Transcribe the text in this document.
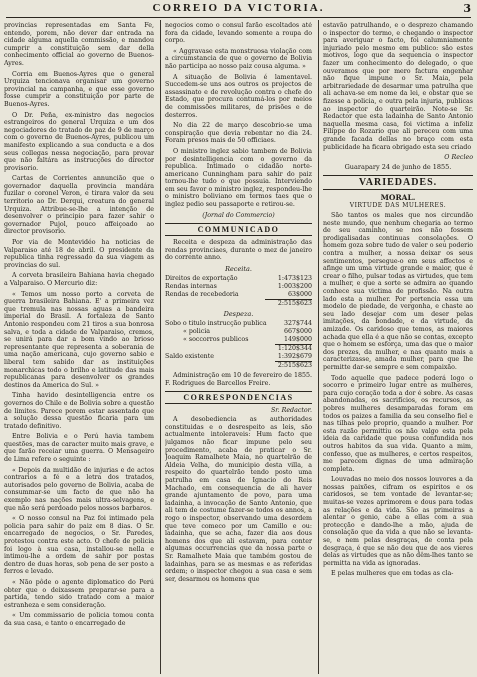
CORREIO DA VICTORIA.	3

provincias representadas em Santa Fe, entendo, porem, não dever dar entrada na cidade alguma aquella commissão, e mandou cumprir a constituição sem dar della conhecimento official ao governo de Buenos-Ayres.

Corria em Buenos-Ayres que o general Urquiza tencionava organisar um governo provincial na campanha, e que esse governo fosse cumprir a constituição por parte de Buenos-Ayres.

O Dr. Peña, ex-ministro das negocios estrangeiros do general Urquiza e um dos negociadores do tratado de paz de 9 de março com o governo de Buenos-Ayres, publicou um manifesto explicando a sua conducta e a dos seus collegas nessa negociação, para provar que não faltára as instrucções do director provisorio.

Cartas de Corrientes annuncião que o governador daquella provincia mandára fuzilar o coronel Veron, e tirara valor da seu territorio ao Dr. Derqui, creatura do general Urquiza. Attribue-se-lhe a intenção de desenvolver o principio para fazer sahir o governador Pujol, pouco affeiçoado ao director provisorio.

Por via de Montevidéo ha noticias de Valparaiso até 18 de abril. O presidente da republica tinha regressado da sua viagem as provincias do sul.

A corveta brasileira Bahiana havia chegado a Valparaiso. O Mercurio diz:

« Temos um nosso porto a corveta de guerra brasileira Bahiana. E' a primeira vez que tremula nas nossas aguas a bandeira imperial do Brasil. A fortaleza de Santo Antonio respondeu com 21 tiros a sua bonrosa salva, e toda a cidade de Valparaiso, cremos, se unirá para dar a bom vindo ao brioso representante que representa a soberania de uma nação americana, cujo governo sabio e liberal tem sabido dar as instituições monarchicas todo o brilho e latitude das mais republicanas para desenvolver os grandes destinos da America do Sul. »

Tinha havido desintelligencia entre os governos do Chile e de Bolivia sobre a questão de limites. Parece porem estar assentado que a solução dessa questão ficaria para um tratado definitivo.

Entre Bolivia e o Perú havia tambem questões, mas de caracter muito mais grave, e que farão receiar uma guerra. O Mensageiro de Lima refere o seguinte :

« Depois da multidão de injurias e de actos contrarios a fé e a letra dos tratados, autorisados pelo governo de Bolivia, acaba de consummar-se um facto de que não ha exemplo nas nações mais ultra-selvagens, e que não será perdoado pelos nossos barbaros.

« O nosso consul na Paz foi intimado pela policia para sahir do paiz em 8 dias. O Sr. encarregado de negocios, o Sr. Paredes, protestou contra este acto. O chefe de policia foi logo à sua casa, installou-se nella e intimou-lhe a ordem de sahir por postas dentro de duas horas, sob pena de ser posto a ferros e levado.

« Não pôde o agente diplomatico do Perú obter que o deixassem preparar-se para a partida, tendo sido tratado com a maior estranheza e sem consideração.

« Um commissario de policia tomou conta da sua casa, e tanto o encarregado de

negocios como o consul farão escoltados até fora da cidade, levando somente a roupa do corpo.

« Aggravase esta monstruosa violação com a circumstancia de que o governo de Bolivia não participa ao nosso paiz cousa alguma. »

A situação de Bolivia é lamentavel. Succedem-se uns aos outros os projectos de assassinato e de revolução contra o chefe do Estado, que procura contumá-los por meios de commissões militares, de prisões e de desterros.

No dia 22 de março descobrio-se uma conspiração que devia rebentar no dia 24. Foram presos mais de 50 officiaes.

O ministro inglez sabio tambem de Bolivia por desintelligencia com o governo da republica. Intimado o cidadão norte-americano Cunningham para sahir do paiz tornou-lhe tudo o que possuia. Interviendo em seu favor o ministro inglez, respondeu-lhe o ministro boliviano em termos taes que o inglez pedio seu passaporte e retirou-se.

(Jornal do Commercio)

COMMUNICADO

Receita e despeza da administração das rendas provinciaes, durante o mez de janeiro do corrente anno.

Receita.
Direitos de exportação	1:473$123
Rendas internas	1:003$200
Rendas de recebedoria	63$000
	2:515$623
Despeza.
Sobo o titulo instrucção publica	327$744
« policia	667$000
« soccorros publicos	149$000
	1:120$344
Saldo existente	1:392$679
	2:515$623

Administração em 10 de fevereiro de 1855. F. Rodrigues de Barcellos Freire.

CORRESPONDENCIAS
Sr. Redactor.

A desobediencia as authoridades constituidas e o desrespeito as leis, são actualmente intoleraveis: Hum facto que julgamos não ficar impune pelo seu procedimento, acaba de praticar o Sr. Joaquim Ramalhete Maia, no quartelrão de Aldeia Velha, do municipio desta villa, a respeito do quartelrão tendo posto uma patrulha em casa de Ignacio do Reis Machado, em consequencia de ali haver grande ajuntamento de povo, para uma ladainha, a invocação de Santo Antonio, que ali tem de costume fazer-se todos os annos, a rogo o inspector, observando uma desordem que teve comeco por um Camillo e ou: ladainha, que se acha, fazer dia aos dous homens dos que ali estavam, para conter algumas occurrencias que da nossa parte o Sr. Ramalhete Maia que também gostou de ladainhas, para se as mesmas e as referidas ordem; o inspector chegou a sua casa e sem ser, desarmou os homens que

estavão patrulhando, e o desprezo chamando o inspector do termo, e chegando o inspector para averiguar o facto, foi calumniamente injuriado pelo mesmo em publico: são estes motivos, logo que da sequencia o inspector fazer um conhecimento do delegado, o que ouveramos que por mero factura engenhar não fique impune o Sr. Maia, pela arbitrariedade de desarmar uma patrulha que ali achava-se em nome da lei, e obstar que se fizesse a policia, e outra pela injuria, publicas ao inspector do quarteirão. Note-se Sr. Redactor que esta ladainha de Santo Antonio naquella mesma casa, foi victima a infeliz Filippe do Rozario que ali pereceu com uma grande facada dellas no braço com esta publicidade ha ficara obrigado esta seu criado

O Recleo
Guarapary 24 de junho de 1855.
VARIEDADES.
MORAL.
VIRTUDE DAS MULHERES.

São tantos os males que nos circundão neste mundo, que nenhum chegaria ao termo de seu caminho, se nos não fossem prodigalisadas continuas consolações. O homem goza sobre tudo de valer o seu poderio contra a mulher, a nossa deixar os seus sentimentos, persegue-o em seus affectos e afinge um uma virtude grande e maior, que é crear o filho, pulsar todas as virtudes, que tem a mulher, e que a sorte se admira ao quando conhece sua victima de profissão. Na outra lado esta a mulher. Por pertencia essa um modelo de piedade, de vergonha, e chaste ao seu lado desejar com um deser pelas imitações, da bondade, e da virtude, da amizade. Os caridoso que temos, as maiores achada que ella é a que não se contas, excepto que o homem se esforça, uma das que o maior dos prezes, da mulher, e nas quanto mais a caracterizasse, amada mulher, para que lhe permitte dar-se sempre e sem compaixão.

Todo aquelle que padece poderá logo o socorro e primeiro lugar entre as mulheres, para cujo coração toda a dor é sobre. As casas abandonadas, os sacrifícios, os recursos, as pobres mulheres desamparadas foram em todos os paizes a familia da seu conselho fiel e nas tilhas pelo proprio, quando a mulher. Por esta razão permittiu os não valgo esta pela ideia da caridade que pousa confundida nos outros habitos da sua vida. Quanto a mim, confesso, que as mulheres, e certos respeitos, me parecem dignas de uma admiração completa.

Louvadas no meio dos nossos louvores a da nossas paixões, cifram os espiritos e os caridosos, se tem vontade de levantar-se; muitas-se vezes aprimorem e dous para todas as relações e da vida. São as primeiras a alentar o genio, cabe a ellas com a sua protecção e dando-lhe a mão, ajuda de consolação que da vida a que não se levanta-se, e nem pelas desgraças, de conta pela desgraça, é que se não deu que de aos vieres delas as virtudes que as não dêm-lhes tanto se permitta na vida as ignoradas.

E pelas mulheres que em todas as cla-
